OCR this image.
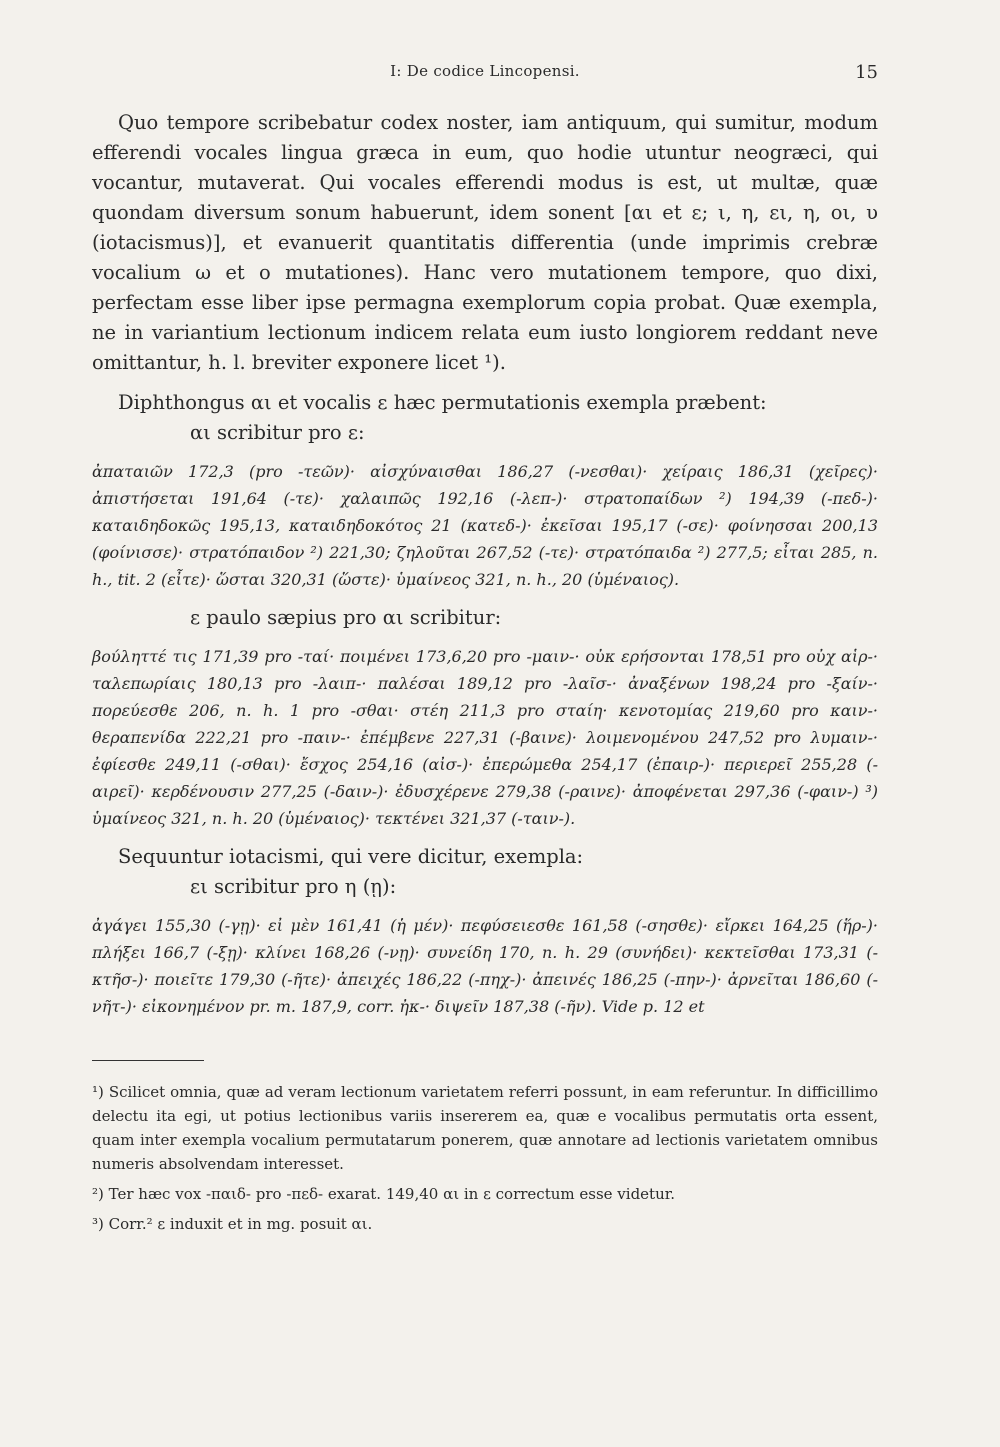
I: De codice Lincopensi.	15

Quo tempore scribebatur codex noster, iam antiquum, qui sumitur, modum efferendi vocales lingua græca in eum, quo hodie utuntur neogræci, qui vocantur, mutaverat. Qui vocales efferendi modus is est, ut multæ, quæ quondam diversum sonum habuerunt, idem sonent [αι et ε; ι, η, ει, η, οι, υ (iotacismus)], et evanuerit quantitatis differentia (unde imprimis crebræ vocalium ω et ο mutationes). Hanc vero mutationem tempore, quo dixi, perfectam esse liber ipse permagna exemplorum copia probat. Quæ exempla, ne in variantium lectionum indicem relata eum iusto longiorem reddant neve omittantur, h. l. breviter exponere licet ¹).

Diphthongus αι et vocalis ε hæc permutationis exempla præbent:

αι scribitur pro ε:

ἀπαταιῶν 172,3 (pro -τεῶν)· αἰσχύναισθαι 186,27 (-νεσθαι)· χείραις 186,31 (χεῖρες)· ἀπιστήσεται 191,64 (-τε)· χαλαιπῶς 192,16 (-λεπ-)· στρατοπαίδων ²) 194,39 (-πεδ-)· καταιδηδοκῶς 195,13, καταιδηδοκότος 21 (κατεδ-)· ἐκεῖσαι 195,17 (-σε)· φοίνησσαι 200,13 (φοίνισσε)· στρατόπαιδον ²) 221,30; ζηλοῦται 267,52 (-τε)· στρατόπαιδα ²) 277,5; εἶται 285, n. h., tit. 2 (εἶτε)· ὥσται 320,31 (ὥστε)· ὑμαίνεος 321, n. h., 20 (ὑμέναιος).

ε paulo sæpius pro αι scribitur:

βούληττέ τις 171,39 pro -ταί· ποιμένει 173,6,20 pro -μαιν-· οὐκ ερήσονται 178,51 pro οὐχ αἱρ-· ταλεπωρίαις 180,13 pro -λαιπ-· παλέσαι 189,12 pro -λαῖσ-· ἀναξένων 198,24 pro -ξαίν-· πορεύεσθε 206, n. h. 1 pro -σθαι· στέη 211,3 pro σταίη· κενοτομίας 219,60 pro καιν-· θεραπενίδα 222,21 pro -παιν-· ἐπέμβενε 227,31 (-βαινε)· λοιμενομένου 247,52 pro λυμαιν-· ἐφίεσθε 249,11 (-σθαι)· ἔσχος 254,16 (αἰσ-)· ἐπερώμεθα 254,17 (ἐπαιρ-)· περιερεῖ 255,28 (-αιρεῖ)· κερδένουσιν 277,25 (-δαιν-)· ἐδυσχέρενε 279,38 (-ραινε)· ἀποφένεται 297,36 (-φαιν-) ³) ὑμαίνεος 321, n. h. 20 (ὑμέναιος)· τεκτένει 321,37 (-ταιν-).

Sequuntur iotacismi, qui vere dicitur, exempla:

ει scribitur pro η (ῃ):

ἀγάγει 155,30 (-γῃ)· εἰ μὲν 161,41 (ἡ μέν)· πεφύσειεσθε 161,58 (-σησθε)· εἴρκει 164,25 (ἥρ-)· πλήξει 166,7 (-ξῃ)· κλίνει 168,26 (-νῃ)· συνείδη 170, n. h. 29 (συνήδει)· κεκτεῖσθαι 173,31 (-κτῆσ-)· ποιεῖτε 179,30 (-ῆτε)· ἀπειχές 186,22 (-πηχ-)· ἀπεινές 186,25 (-πην-)· ἀρνεῖται 186,60 (-νῆτ-)· εἰκονημένον pr. m. 187,9, corr. ἠκ-· διψεῖν 187,38 (-ῆν). Vide p. 12 et

¹) Scilicet omnia, quæ ad veram lectionum varietatem referri possunt, in eam referuntur. In difficillimo delectu ita egi, ut potius lectionibus variis insererem ea, quæ e vocalibus permutatis orta essent, quam inter exempla vocalium permutatarum ponerem, quæ annotare ad lectionis varietatem omnibus numeris absolvendam interesset.

²) Ter hæc vox -παιδ- pro -πεδ- exarat. 149,40 αι in ε correctum esse videtur.

³) Corr.² ε induxit et in mg. posuit αι.
